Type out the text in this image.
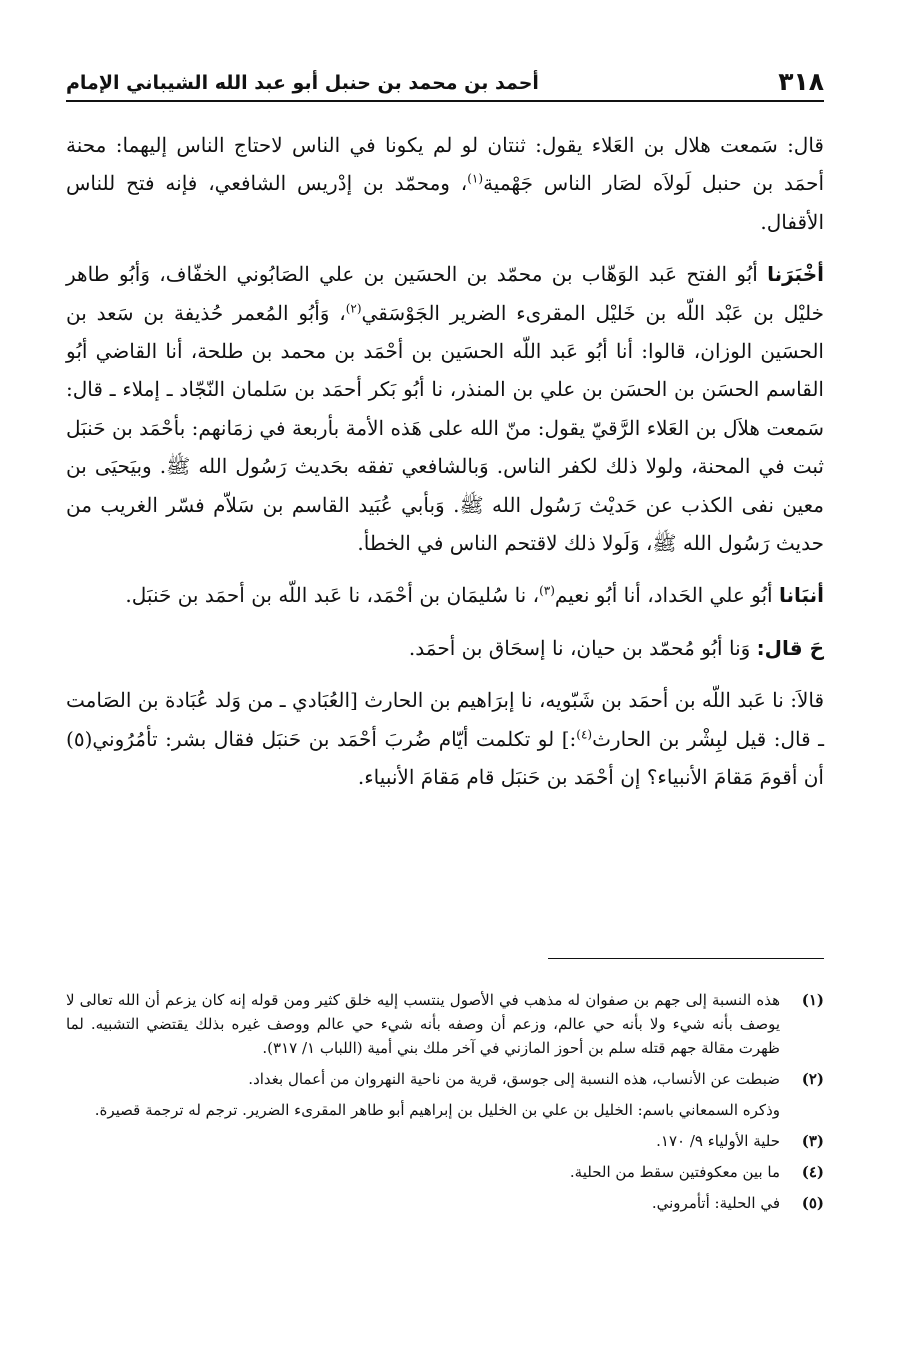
٣١٨
أحمد بن محمد بن حنبل أبو عبد الله الشيباني الإمام

قال: سَمعت هلال بن العَلاء يقول: ثنتان لو لم يكونا في الناس لاحتاج الناس إليهما: محنة أحمَد بن حنبل لَولاَه لصَار الناس جَهْمية$^{(١)}$، ومحمّد بن إدْريس الشافعي، فإنه فتح للناس الأقفال.

أخْبَرَنا أبُو الفتح عَبد الوَهّاب بن محمّد بن الحسَين بن علي الصَابُوني الخفّاف، وَأبُو طاهر خليْل بن عَبْد اللّه بن خَليْل المقرىء الضرير الجَوْسَقي$^{(٢)}$، وَأبُو المُعمر حُذيفة بن سَعد بن الحسَين الوزان، قالوا: أنا أبُو عَبد اللّه الحسَين بن أحْمَد بن محمد بن طلحة، أنا القاضي أبُو القاسم الحسَن بن الحسَن بن علي بن المنذر، نا أبُو بَكر أحمَد بن سَلمان النّجّاد ـ إملاء ـ قال: سَمعت هلاَل بن العَلاء الرَّقيّ يقول: منّ الله على هَذه الأمة بأربعة في زمَانهم: بأحْمَد بن حَنبَل ثبت في المحنة، ولولا ذلك لكفر الناس. وَبالشافعي تفقه بحَديث رَسُول الله ﷺ. وبيَحيَى بن معين نفى الكذب عن حَديْث رَسُول الله ﷺ. وَبأبي عُبَيد القاسم بن سَلاّم فسّر الغريب من حديث رَسُول الله ﷺ، وَلَولا ذلك لاقتحم الناس في الخطأ.

أنبَانا أبُو علي الحَداد، أنا أبُو نعيم$^{(٣)}$، نا سُليمَان بن أحْمَد، نا عَبد اللّه بن أحمَد بن حَنبَل.

حَ قال: وَنا أبُو مُحمّد بن حيان، نا إسحَاق بن أحمَد.

قالاَ: نا عَبد اللّه بن أحمَد بن شَبّويه، نا إبرَاهيم بن الحارث [العُبَادي ـ من وَلد عُبَادة بن الصَامت ـ قال: قيل لبِشْر بن الحارث$^{(٤)}$:] لو تكلمت أيّام ضُربَ أحْمَد بن حَنبَل فقال بشر: تأمُرُوني(٥) أن أقومَ مَقامَ الأنبياء؟ إن أحْمَد بن حَنبَل قام مَقامَ الأنبياء.

(١)
هذه النسبة إلى جهم بن صفوان له مذهب في الأصول ينتسب إليه خلق كثير ومن قوله إنه كان يزعم أن الله تعالى لا يوصف بأنه شيء ولا بأنه حي عالم، وزعم أن وصفه بأنه شيء حي عالم ووصف غيره بذلك يقتضي التشبيه. لما ظهرت مقالة جهم قتله سلم بن أحوز المازني في آخر ملك بني أمية (اللباب ١/ ٣١٧).
(٢)
ضبطت عن الأنساب، هذه النسبة إلى جوسق، قرية من ناحية النهروان من أعمال بغداد.
وذكره السمعاني باسم: الخليل بن علي بن الخليل بن إبراهيم أبو طاهر المقرىء الضرير. ترجم له ترجمة قصيرة.
(٣)
حلية الأولياء ٩/ ١٧٠.
(٤)
ما بين معكوفتين سقط من الحلية.
(٥)
في الحلية: أتأمروني.
